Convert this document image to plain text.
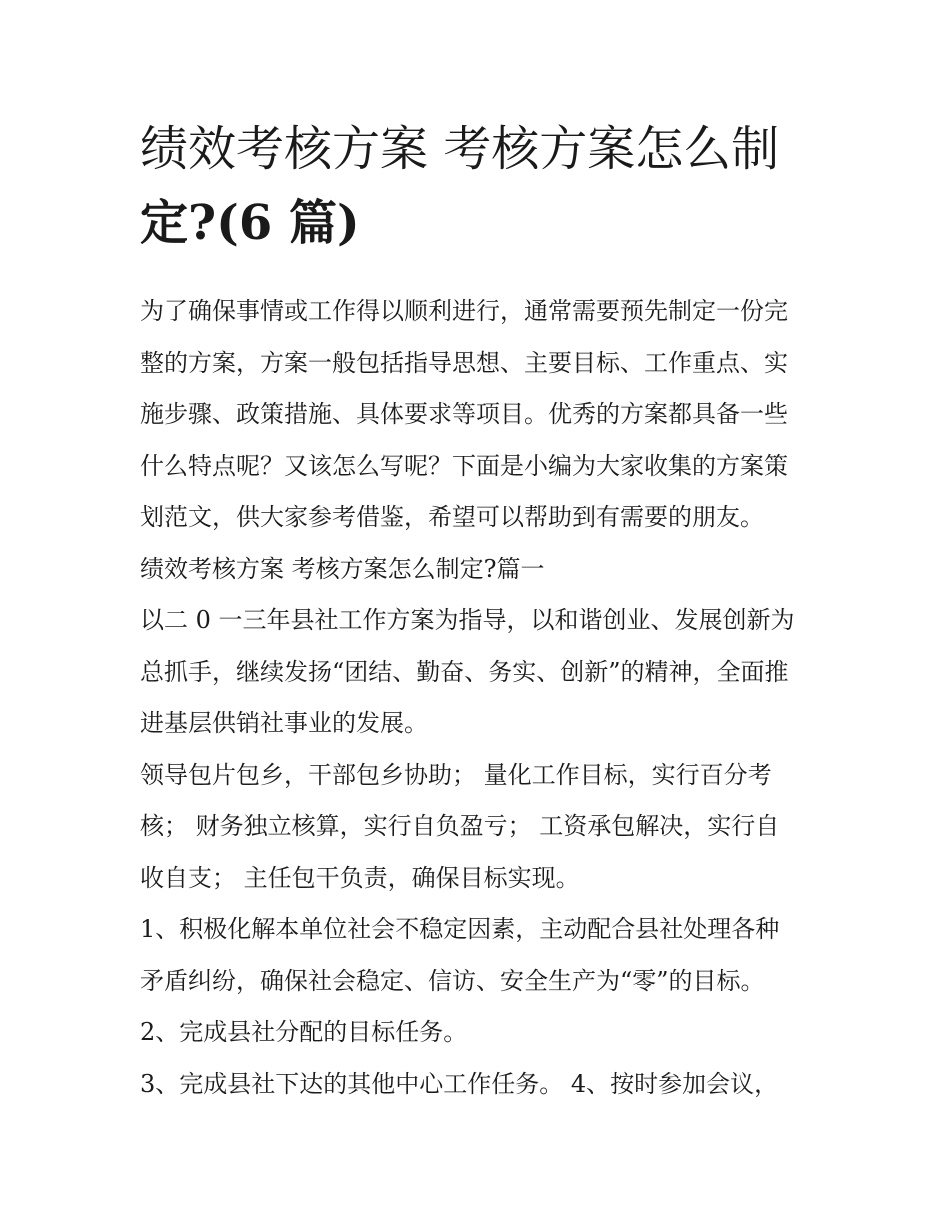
绩效考核方案 考核方案怎么制
定?(6 篇)

为了确保事情或工作得以顺利进行，通常需要预先制定一份完
整的方案，方案一般包括指导思想、主要目标、工作重点、实
施步骤、政策措施、具体要求等项目。优秀的方案都具备一些
什么特点呢？又该怎么写呢？下面是小编为大家收集的方案策
划范文，供大家参考借鉴，希望可以帮助到有需要的朋友。

绩效考核方案 考核方案怎么制定?篇一

以二 0 一三年县社工作方案为指导，以和谐创业、发展创新为
总抓手，继续发扬“团结、勤奋、务实、创新”的精神，全面推
进基层供销社事业的发展。

领导包片包乡，干部包乡协助； 量化工作目标，实行百分考
核； 财务独立核算，实行自负盈亏； 工资承包解决，实行自
收自支； 主任包干负责，确保目标实现。

1、积极化解本单位社会不稳定因素，主动配合县社处理各种
矛盾纠纷，确保社会稳定、信访、安全生产为“零”的目标。

2、完成县社分配的目标任务。

3、完成县社下达的其他中心工作任务。 4、按时参加会议，
